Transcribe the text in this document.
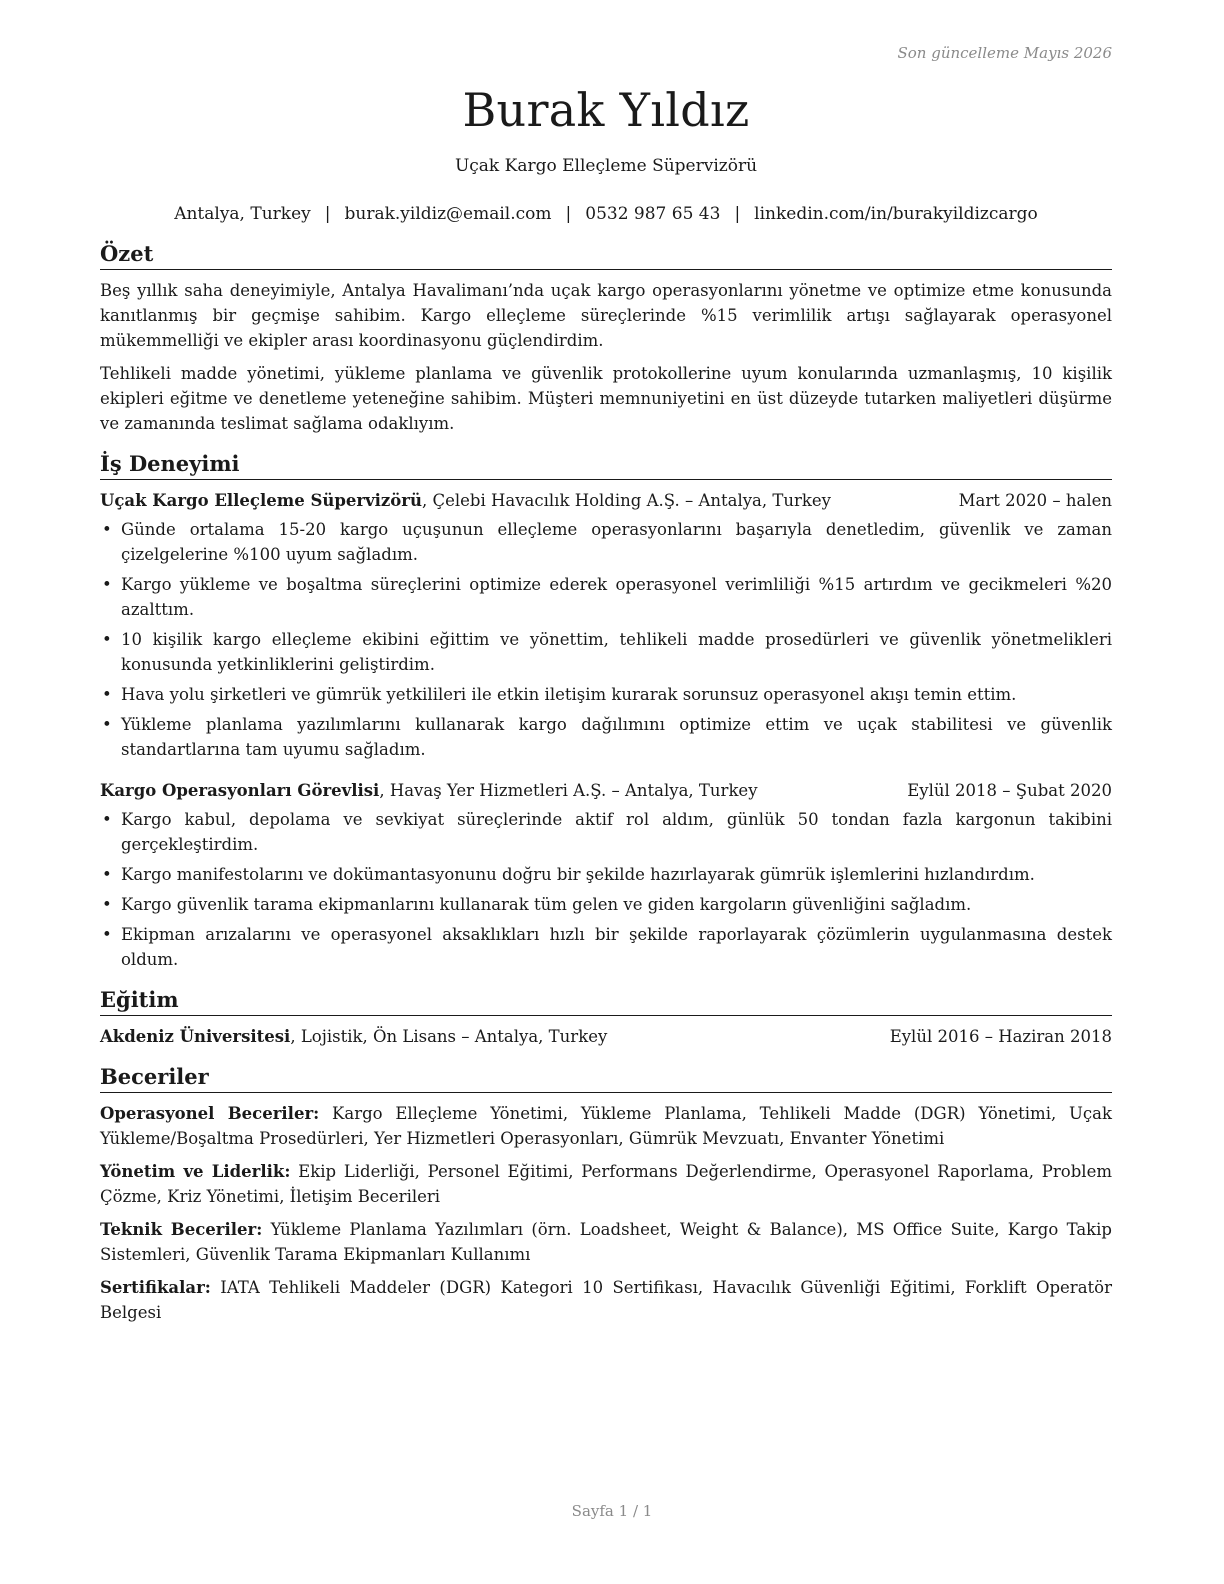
Son güncelleme Mayıs 2026
Burak Yıldız
Uçak Kargo Elleçleme Süpervizörü
Antalya, Turkey | burak.yildiz@email.com | 0532 987 65 43 | linkedin.com/in/burakyildizcargo
Özet

Beş yıllık saha deneyimiyle, Antalya Havalimanı’nda uçak kargo operasyonlarını yönetme ve optimize etme konusunda kanıtlanmış bir geçmişe sahibim. Kargo elleçleme süreçlerinde %15 verimlilik artışı sağlayarak operasyonel mükemmelliği ve ekipler arası koordinasyonu güçlendirdim.

Tehlikeli madde yönetimi, yükleme planlama ve güvenlik protokollerine uyum konularında uzmanlaşmış, 10 kişilik ekipleri eğitme ve denetleme yeteneğine sahibim. Müşteri memnuniyetini en üst düzeyde tutarken maliyetleri düşürme ve zamanında teslimat sağlama odaklıyım.

İş Deneyimi
Uçak Kargo Elleçleme Süpervizörü, Çelebi Havacılık Holding A.Ş. – Antalya, Turkey	Mart 2020 – halen
• Günde ortalama 15-20 kargo uçuşunun elleçleme operasyonlarını başarıyla denetledim, güvenlik ve zaman çizelgelerine %100 uyum sağladım.
• Kargo yükleme ve boşaltma süreçlerini optimize ederek operasyonel verimliliği %15 artırdım ve gecikmeleri %20 azalttım.
• 10 kişilik kargo elleçleme ekibini eğittim ve yönettim, tehlikeli madde prosedürleri ve güvenlik yönetmelikleri konusunda yetkinliklerini geliştirdim.
• Hava yolu şirketleri ve gümrük yetkilileri ile etkin iletişim kurarak sorunsuz operasyonel akışı temin ettim.
• Yükleme planlama yazılımlarını kullanarak kargo dağılımını optimize ettim ve uçak stabilitesi ve güvenlik standartlarına tam uyumu sağladım.
Kargo Operasyonları Görevlisi, Havaş Yer Hizmetleri A.Ş. – Antalya, Turkey	Eylül 2018 – Şubat 2020
• Kargo kabul, depolama ve sevkiyat süreçlerinde aktif rol aldım, günlük 50 tondan fazla kargonun takibini gerçekleştirdim.
• Kargo manifestolarını ve dokümantasyonunu doğru bir şekilde hazırlayarak gümrük işlemlerini hızlandırdım.
• Kargo güvenlik tarama ekipmanlarını kullanarak tüm gelen ve giden kargoların güvenliğini sağladım.
• Ekipman arızalarını ve operasyonel aksaklıkları hızlı bir şekilde raporlayarak çözümlerin uygulanmasına destek oldum.
Eğitim
Akdeniz Üniversitesi, Lojistik, Ön Lisans – Antalya, Turkey	Eylül 2016 – Haziran 2018
Beceriler

Operasyonel Beceriler: Kargo Elleçleme Yönetimi, Yükleme Planlama, Tehlikeli Madde (DGR) Yönetimi, Uçak Yükleme/Boşaltma Prosedürleri, Yer Hizmetleri Operasyonları, Gümrük Mevzuatı, Envanter Yönetimi

Yönetim ve Liderlik: Ekip Liderliği, Personel Eğitimi, Performans Değerlendirme, Operasyonel Raporlama, Problem Çözme, Kriz Yönetimi, İletişim Becerileri

Teknik Beceriler: Yükleme Planlama Yazılımları (örn. Loadsheet, Weight & Balance), MS Office Suite, Kargo Takip Sistemleri, Güvenlik Tarama Ekipmanları Kullanımı

Sertifikalar: IATA Tehlikeli Maddeler (DGR) Kategori 10 Sertifikası, Havacılık Güvenliği Eğitimi, Forklift Operatör Belgesi

Sayfa 1 / 1
